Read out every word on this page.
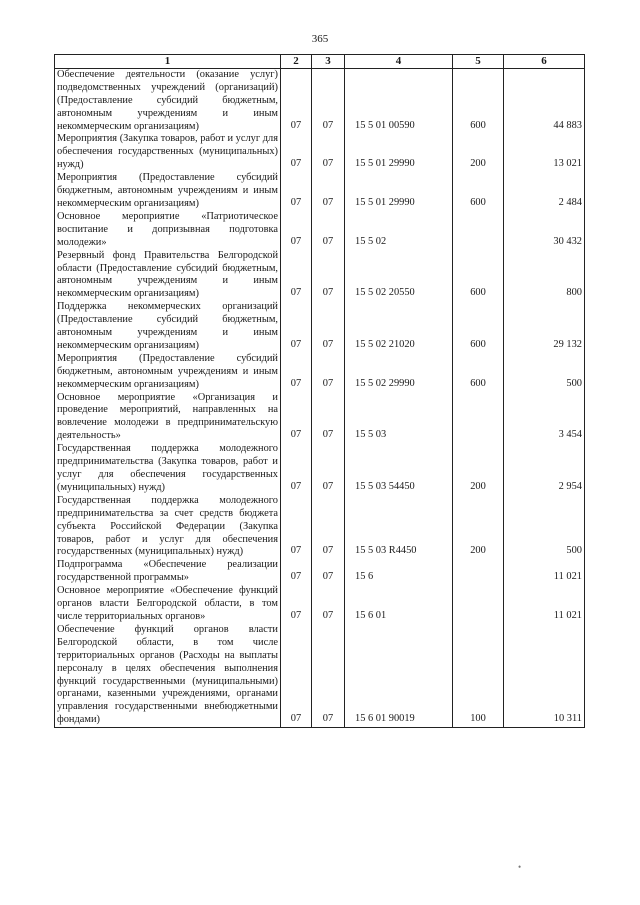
365
1	2	3	4	5	6
Обеспечение деятельности (оказание услуг) подведомственных учреждений (организаций) (Предоставление субсидий бюджетным, автономным учреждениям и иным некоммерческим организациям)	07	07	15 5 01 00590	600	44 883
Мероприятия (Закупка товаров, работ и услуг для обеспечения государственных (муниципальных) нужд)	07	07	15 5 01 29990	200	13 021
Мероприятия (Предоставление субсидий бюджетным, автономным учреждениям и иным некоммерческим организациям)	07	07	15 5 01 29990	600	2 484
Основное мероприятие «Патриотическое воспитание и допризывная подготовка молодежи»	07	07	15 5 02		30 432
Резервный фонд Правительства Белгородской области (Предоставление субсидий бюджетным, автономным учреждениям и иным некоммерческим организациям)	07	07	15 5 02 20550	600	800
Поддержка некоммерческих организаций (Предоставление субсидий бюджетным, автономным учреждениям и иным некоммерческим организациям)	07	07	15 5 02 21020	600	29 132
Мероприятия (Предоставление субсидий бюджетным, автономным учреждениям и иным некоммерческим организациям)	07	07	15 5 02 29990	600	500
Основное мероприятие «Организация и проведение мероприятий, направленных на вовлечение молодежи в предпринимательскую деятельность»	07	07	15 5 03		3 454
Государственная поддержка молодежного предпринимательства (Закупка товаров, работ и услуг для обеспечения государственных (муниципальных) нужд)	07	07	15 5 03 54450	200	2 954
Государственная поддержка молодежного предпринимательства за счет средств бюджета субъекта Российской Федерации (Закупка товаров, работ и услуг для обеспечения государственных (муниципальных) нужд)	07	07	15 5 03 R4450	200	500
Подпрограмма «Обеспечение реализации государственной программы»	07	07	15 6		11 021
Основное мероприятие «Обеспечение функций органов власти Белгородской области, в том числе территориальных органов»	07	07	15 6 01		11 021
Обеспечение функций органов власти Белгородской области, в том числе территориальных органов (Расходы на выплаты персоналу в целях обеспечения выполнения функций государственными (муниципальными) органами, казенными учреждениями, органами управления государственными внебюджетными фондами)	07	07	15 6 01 90019	100	10 311
•
